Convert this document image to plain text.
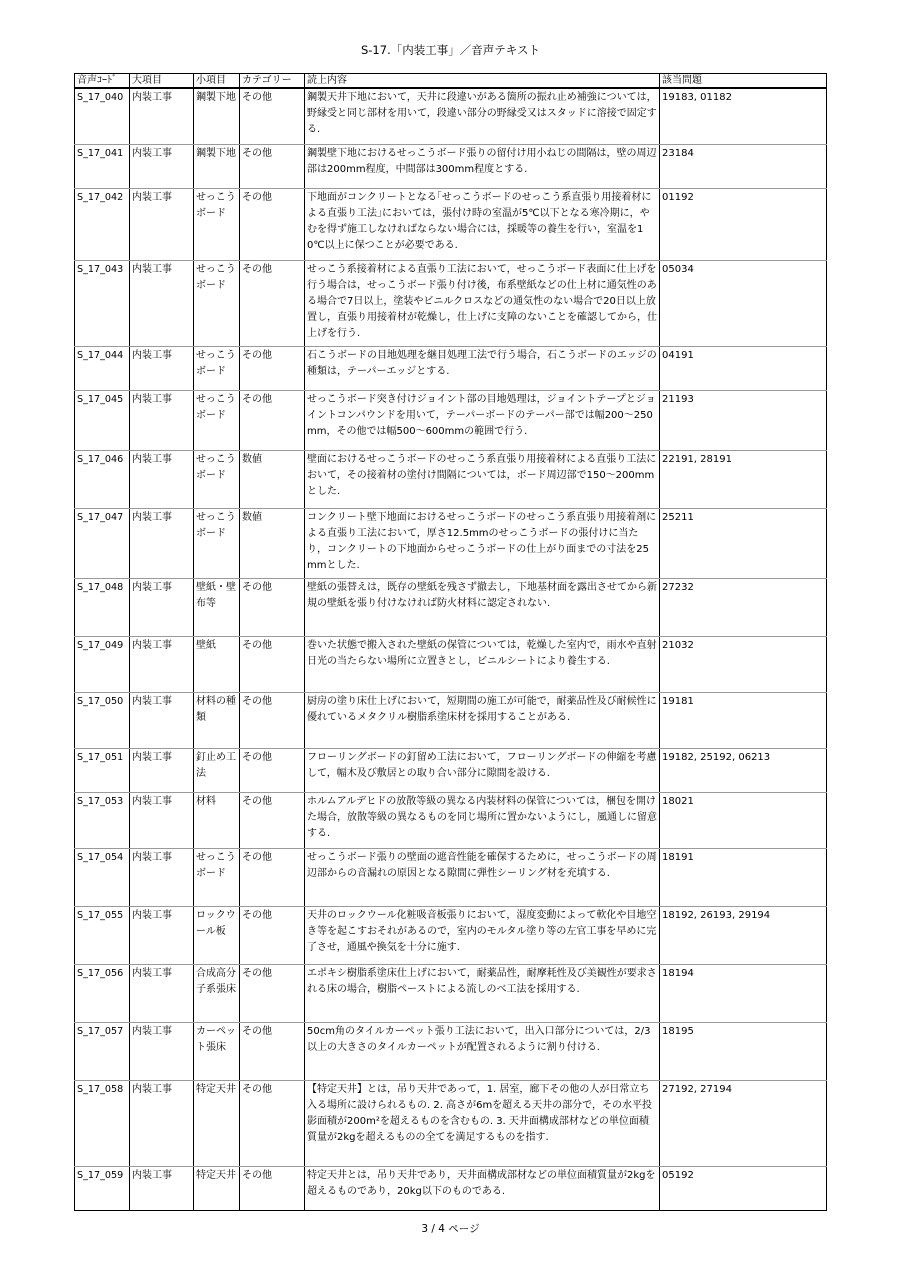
S-17.「内装工事」／音声テキスト
音声ｺｰﾄﾞ	大項目	小項目	カテゴリー	読上内容	該当問題
S_17_040	内装工事	鋼製下地	その他	鋼製天井下地において，天井に段違いがある箇所の振れ止め補強については，野縁受と同じ部材を用いて，段違い部分の野縁受又はスタッドに溶接で固定する.	19183, 01182
S_17_041	内装工事	鋼製下地	その他	鋼製壁下地におけるせっこうボード張りの留付け用小ねじの間隔は，壁の周辺部は200mm程度，中間部は300mm程度とする.	23184
S_17_042	内装工事	せっこうボード	その他	下地面がコンクリートとなる｢せっこうボードのせっこう系直張り用接着材による直張り工法｣においては，張付け時の室温が5℃以下となる寒冷期に，やむを得ず施工しなければならない場合には，採暖等の養生を行い，室温を10℃以上に保つことが必要である.	01192
S_17_043	内装工事	せっこうボード	その他	せっこう系接着材による直張り工法において，せっこうボード表面に仕上げを行う場合は，せっこうボード張り付け後，布系壁紙などの仕上材に通気性のある場合で7日以上，塗装やビニルクロスなどの通気性のない場合で20日以上放置し，直張り用接着材が乾燥し，仕上げに支障のないことを確認してから，仕上げを行う.	05034
S_17_044	内装工事	せっこうボード	その他	石こうボードの目地処理を継目処理工法で行う場合，石こうボードのエッジの種類は，テーパーエッジとする.	04191
S_17_045	内装工事	せっこうボード	その他	せっこうボード突き付けジョイント部の目地処理は，ジョイントテープとジョイントコンパウンドを用いて，テーパーボードのテーパー部では幅200～250mm，その他では幅500～600mmの範囲で行う.	21193
S_17_046	内装工事	せっこうボード	数値	壁面におけるせっこうボードのせっこう系直張り用接着材による直張り工法において，その接着材の塗付け間隔については，ボード周辺部で150～200mmとした.	22191, 28191
S_17_047	内装工事	せっこうボード	数値	コンクリート壁下地面におけるせっこうボードのせっこう系直張り用接着剤による直張り工法において，厚さ12.5mmのせっこうボードの張付けに当たり，コンクリートの下地面からせっこうボードの仕上がり面までの寸法を25mmとした.	25211
S_17_048	内装工事	壁紙・壁布等	その他	壁紙の張替えは，既存の壁紙を残さず撤去し，下地基材面を露出させてから新規の壁紙を張り付けなければ防火材料に認定されない.	27232
S_17_049	内装工事	壁紙	その他	巻いた状態で搬入された壁紙の保管については，乾燥した室内で，雨水や直射日光の当たらない場所に立置きとし，ビニルシートにより養生する.	21032
S_17_050	内装工事	材料の種類	その他	厨房の塗り床仕上げにおいて，短期間の施工が可能で，耐薬品性及び耐候性に優れているメタクリル樹脂系塗床材を採用することがある.	19181
S_17_051	内装工事	釘止め工法	その他	フローリングボードの釘留め工法において，フローリングボードの伸縮を考慮して，幅木及び敷居との取り合い部分に隙間を設ける.	19182, 25192, 06213
S_17_053	内装工事	材料	その他	ホルムアルデヒドの放散等級の異なる内装材料の保管については，梱包を開けた場合，放散等級の異なるものを同じ場所に置かないようにし，風通しに留意する.	18021
S_17_054	内装工事	せっこうボード	その他	せっこうボード張りの壁面の遮音性能を確保するために，せっこうボードの周辺部からの音漏れの原因となる隙間に弾性シーリング材を充填する.	18191
S_17_055	内装工事	ロックウール板	その他	天井のロックウール化粧吸音板張りにおいて，湿度変動によって軟化や目地空き等を起こすおそれがあるので，室内のモルタル塗り等の左官工事を早めに完了させ，通風や換気を十分に施す.	18192, 26193, 29194
S_17_056	内装工事	合成高分子系張床	その他	エポキシ樹脂系塗床仕上げにおいて，耐薬品性，耐摩耗性及び美観性が要求される床の場合，樹脂ペーストによる流しのべ工法を採用する.	18194
S_17_057	内装工事	カーペット張床	その他	50cm角のタイルカーペット張り工法において，出入口部分については，2/3以上の大きさのタイルカーペットが配置されるように割り付ける.	18195
S_17_058	内装工事	特定天井	その他	【特定天井】とは，吊り天井であって，1. 居室，廊下その他の人が日常立ち入る場所に設けられるもの. 2. 高さが6mを超える天井の部分で，その水平投影面積が200m²を超えるものを含むもの. 3. 天井面構成部材などの単位面積質量が2kgを超えるものの全てを満足するものを指す.	27192, 27194
S_17_059	内装工事	特定天井	その他	特定天井とは，吊り天井であり，天井面構成部材などの単位面積質量が2kgを超えるものであり，20kg以下のものである.	05192
3 / 4 ページ
